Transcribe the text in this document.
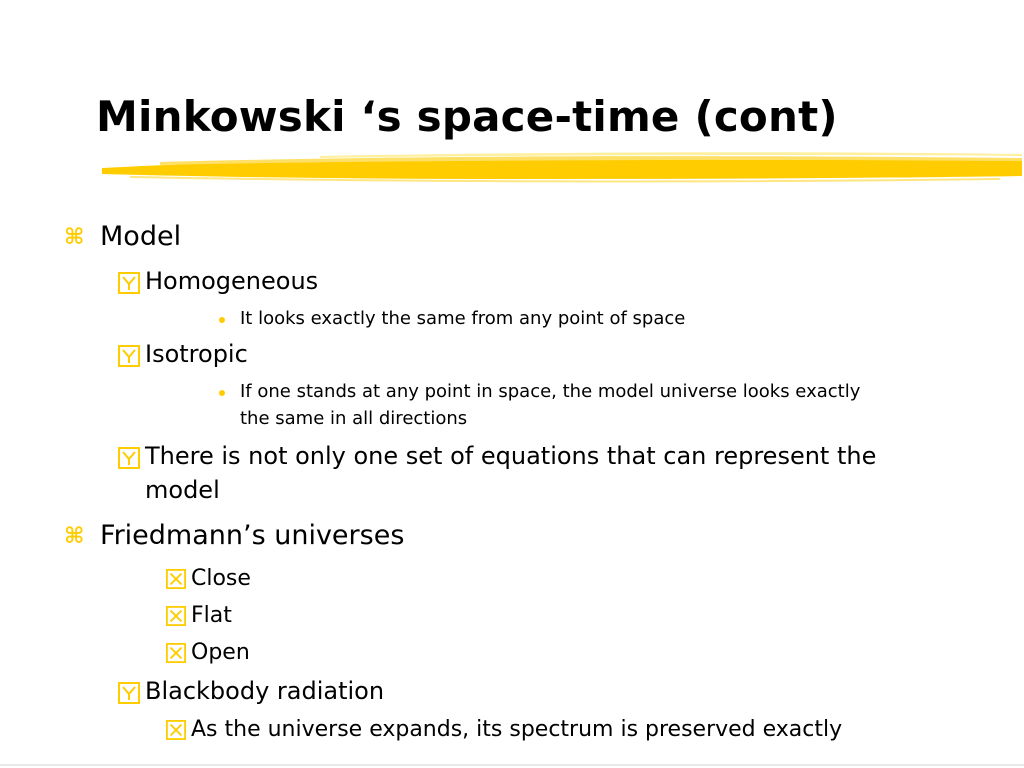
Minkowski ‘s space-time (cont)
⌘ Model
Homogeneous
It looks exactly the same from any point of space
Isotropic
If one stands at any point in space, the model universe looks exactly
the same in all directions
There is not only one set of equations that can represent the
model
⌘ Friedmann’s universes
Close
Flat
Open
Blackbody radiation
As the universe expands, its spectrum is preserved exactly
